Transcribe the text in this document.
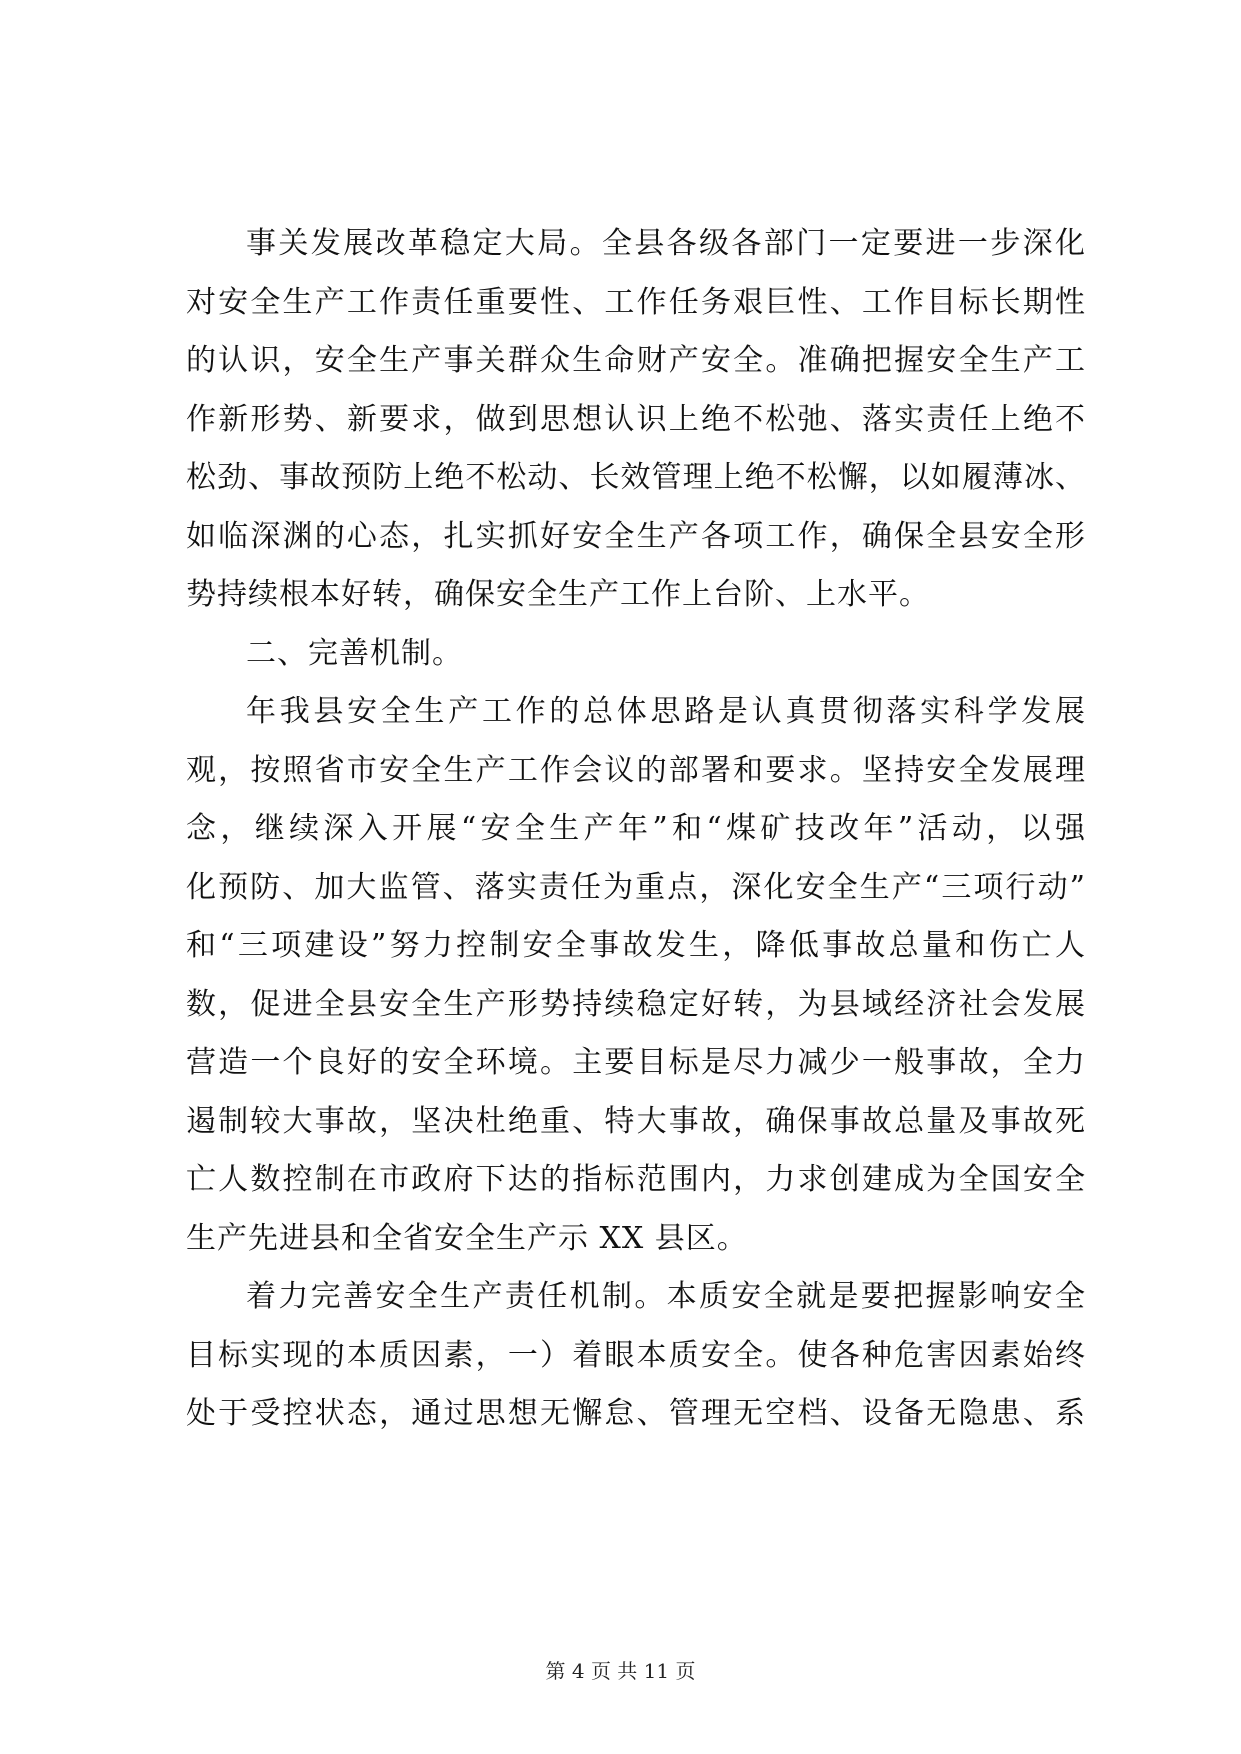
事关发展改革稳定大局。全县各级各部门一定要进一步深化
对安全生产工作责任重要性、工作任务艰巨性、工作目标长期性
的认识，安全生产事关群众生命财产安全。准确把握安全生产工
作新形势、新要求，做到思想认识上绝不松弛、落实责任上绝不
松劲、事故预防上绝不松动、长效管理上绝不松懈，以如履薄冰、
如临深渊的心态，扎实抓好安全生产各项工作，确保全县安全形
势持续根本好转，确保安全生产工作上台阶、上水平。
二、完善机制。
年我县安全生产工作的总体思路是认真贯彻落实科学发展
观，按照省市安全生产工作会议的部署和要求。坚持安全发展理
念，继续深入开展“安全生产年”和“煤矿技改年”活动，以强
化预防、加大监管、落实责任为重点，深化安全生产“三项行动”
和“三项建设”努力控制安全事故发生，降低事故总量和伤亡人
数，促进全县安全生产形势持续稳定好转，为县域经济社会发展
营造一个良好的安全环境。主要目标是尽力减少一般事故，全力
遏制较大事故，坚决杜绝重、特大事故，确保事故总量及事故死
亡人数控制在市政府下达的指标范围内，力求创建成为全国安全
生产先进县和全省安全生产示 XX 县区。
着力完善安全生产责任机制。本质安全就是要把握影响安全
目标实现的本质因素，一）着眼本质安全。使各种危害因素始终
处于受控状态，通过思想无懈怠、管理无空档、设备无隐患、系
第 4 页 共 11 页
